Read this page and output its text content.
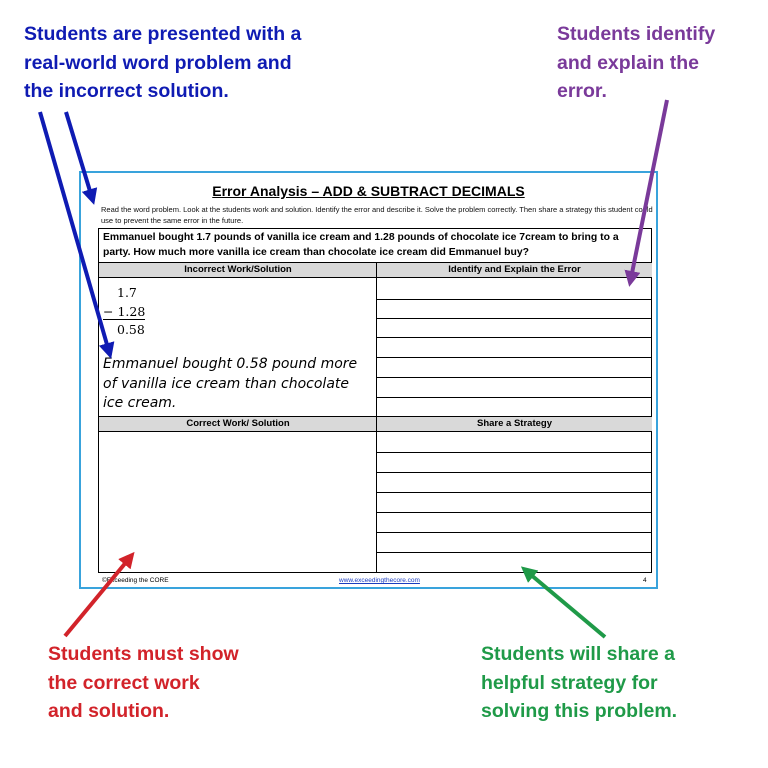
Students are presented with a
real-world word problem and
the incorrect solution.
Students identify
and explain the
error.
Students must show
the correct work
and solution.
Students will share a
helpful strategy for
solving this problem.
Error Analysis – ADD & SUBTRACT DECIMALS
Read the word problem. Look at the students work and solution. Identify the error and describe it. Solve the problem correctly. Then share a strategy this student could use to prevent the same error in the future.
Emmanuel bought 1.7 pounds of vanilla ice cream and 1.28 pounds of chocolate ice 7cream to bring to a party. How much more vanilla ice cream than chocolate ice cream did Emmanuel buy?
Incorrect Work/Solution	Identify and Explain the Error
1.7
− 1.28
0.58
Emmanuel bought 0.58 pound more of vanilla ice cream than chocolate ice cream.
Correct Work/ Solution	Share a Strategy
©Exceeding the CORE	www.exceedingthecore.com	4
